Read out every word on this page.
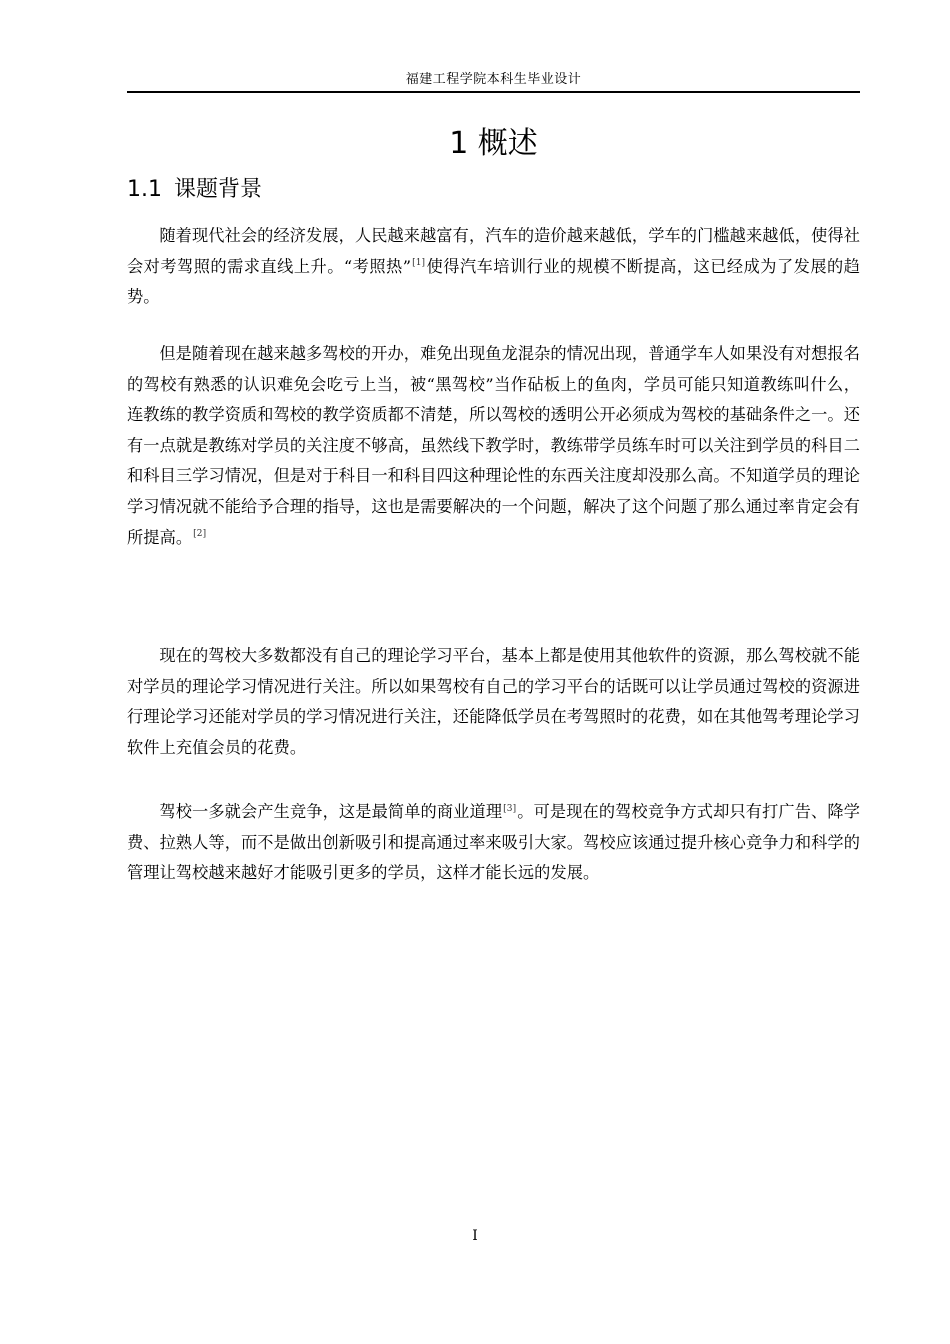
福建工程学院本科生毕业设计
1 概述
1.1 课题背景

随着现代社会的经济发展，人民越来越富有，汽车的造价越来越低，学车的门槛越来越低，使得社会对考驾照的需求直线上升。“考照热”[1]使得汽车培训行业的规模不断提高，这已经成为了发展的趋势。

但是随着现在越来越多驾校的开办，难免出现鱼龙混杂的情况出现，普通学车人如果没有对想报名的驾校有熟悉的认识难免会吃亏上当，被“黑驾校”当作砧板上的鱼肉，学员可能只知道教练叫什么，连教练的教学资质和驾校的教学资质都不清楚，所以驾校的透明公开必须成为驾校的基础条件之一。还有一点就是教练对学员的关注度不够高，虽然线下教学时，教练带学员练车时可以关注到学员的科目二和科目三学习情况，但是对于科目一和科目四这种理论性的东西关注度却没那么高。不知道学员的理论学习情况就不能给予合理的指导，这也是需要解决的一个问题，解决了这个问题了那么通过率肯定会有所提高。[2]

现在的驾校大多数都没有自己的理论学习平台，基本上都是使用其他软件的资源，那么驾校就不能对学员的理论学习情况进行关注。所以如果驾校有自己的学习平台的话既可以让学员通过驾校的资源进行理论学习还能对学员的学习情况进行关注，还能降低学员在考驾照时的花费，如在其他驾考理论学习软件上充值会员的花费。

驾校一多就会产生竞争，这是最简单的商业道理[3]。可是现在的驾校竞争方式却只有打广告、降学费、拉熟人等，而不是做出创新吸引和提高通过率来吸引大家。驾校应该通过提升核心竞争力和科学的管理让驾校越来越好才能吸引更多的学员，这样才能长远的发展。

I
